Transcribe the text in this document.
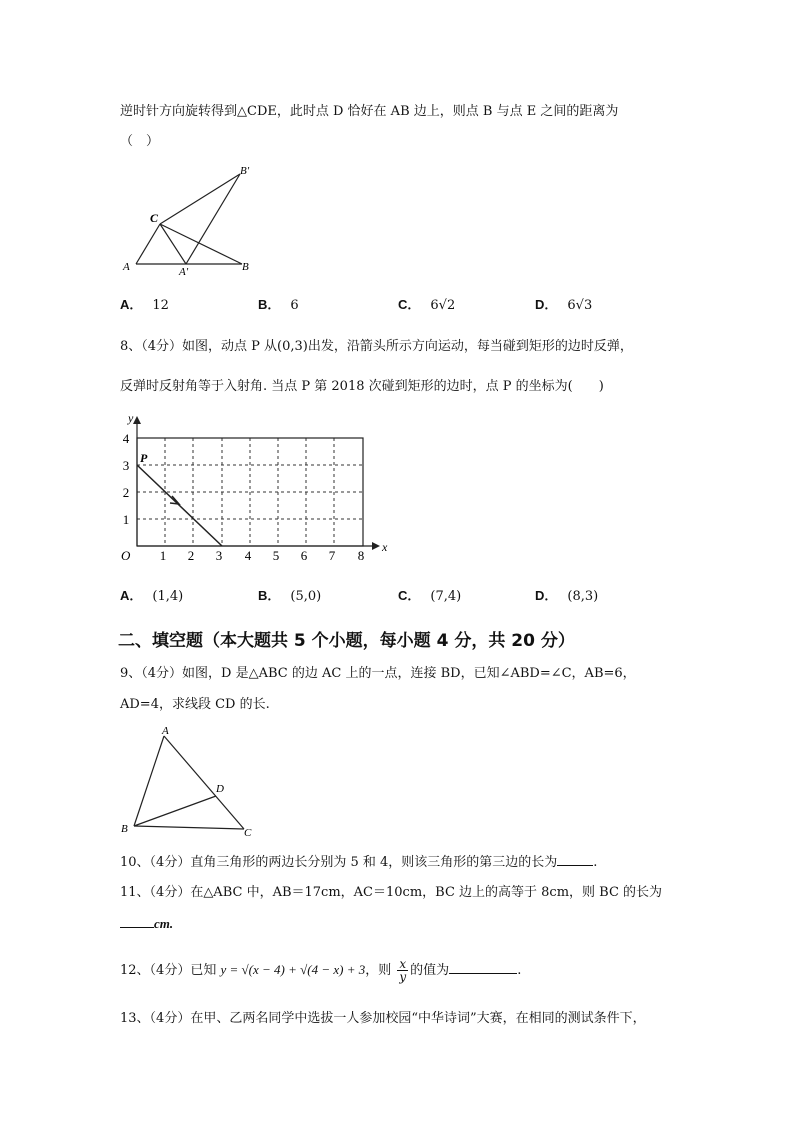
逆时针方向旋转得到△CDE，此时点 D 恰好在 AB 边上，则点 B 与点 E 之间的距离为
（　）
B′
C
A	A′	B
A． 12	B． 6	C． 6√2	D． 6√3
8、（4分）如图，动点 P 从(0,3)出发，沿箭头所示方向运动，每当碰到矩形的边时反弹，
反弹时反射角等于入射角. 当点 P 第 2018 次碰到矩形的边时，点 P 的坐标为(　　)
x
y
O
P
1 2 3 4 5 6 7 8
1
2
3
4
A． (1,4)	B． (5,0)	C． (7,4)	D． (8,3)
二、填空题（本大题共 5 个小题，每小题 4 分，共 20 分）
9、（4分）如图，D 是△ABC 的边 AC 上的一点，连接 BD，已知∠ABD=∠C，AB=6，
AD=4，求线段 CD 的长.
A
D
B	C
10、（4分）直角三角形的两边长分别为 5 和 4，则该三角形的第三边的长为	.
11、（4分）在△ABC 中，AB＝17cm，AC＝10cm，BC 边上的高等于 8cm，则 BC 的长为
cm.
12、（4分）已知 y = √(x − 4) + √(4 − x) + 3，则 $\frac{x}{y}$ 的值为	.
13、（4分）在甲、乙两名同学中选拔一人参加校园“中华诗词”大赛，在相同的测试条件下，
